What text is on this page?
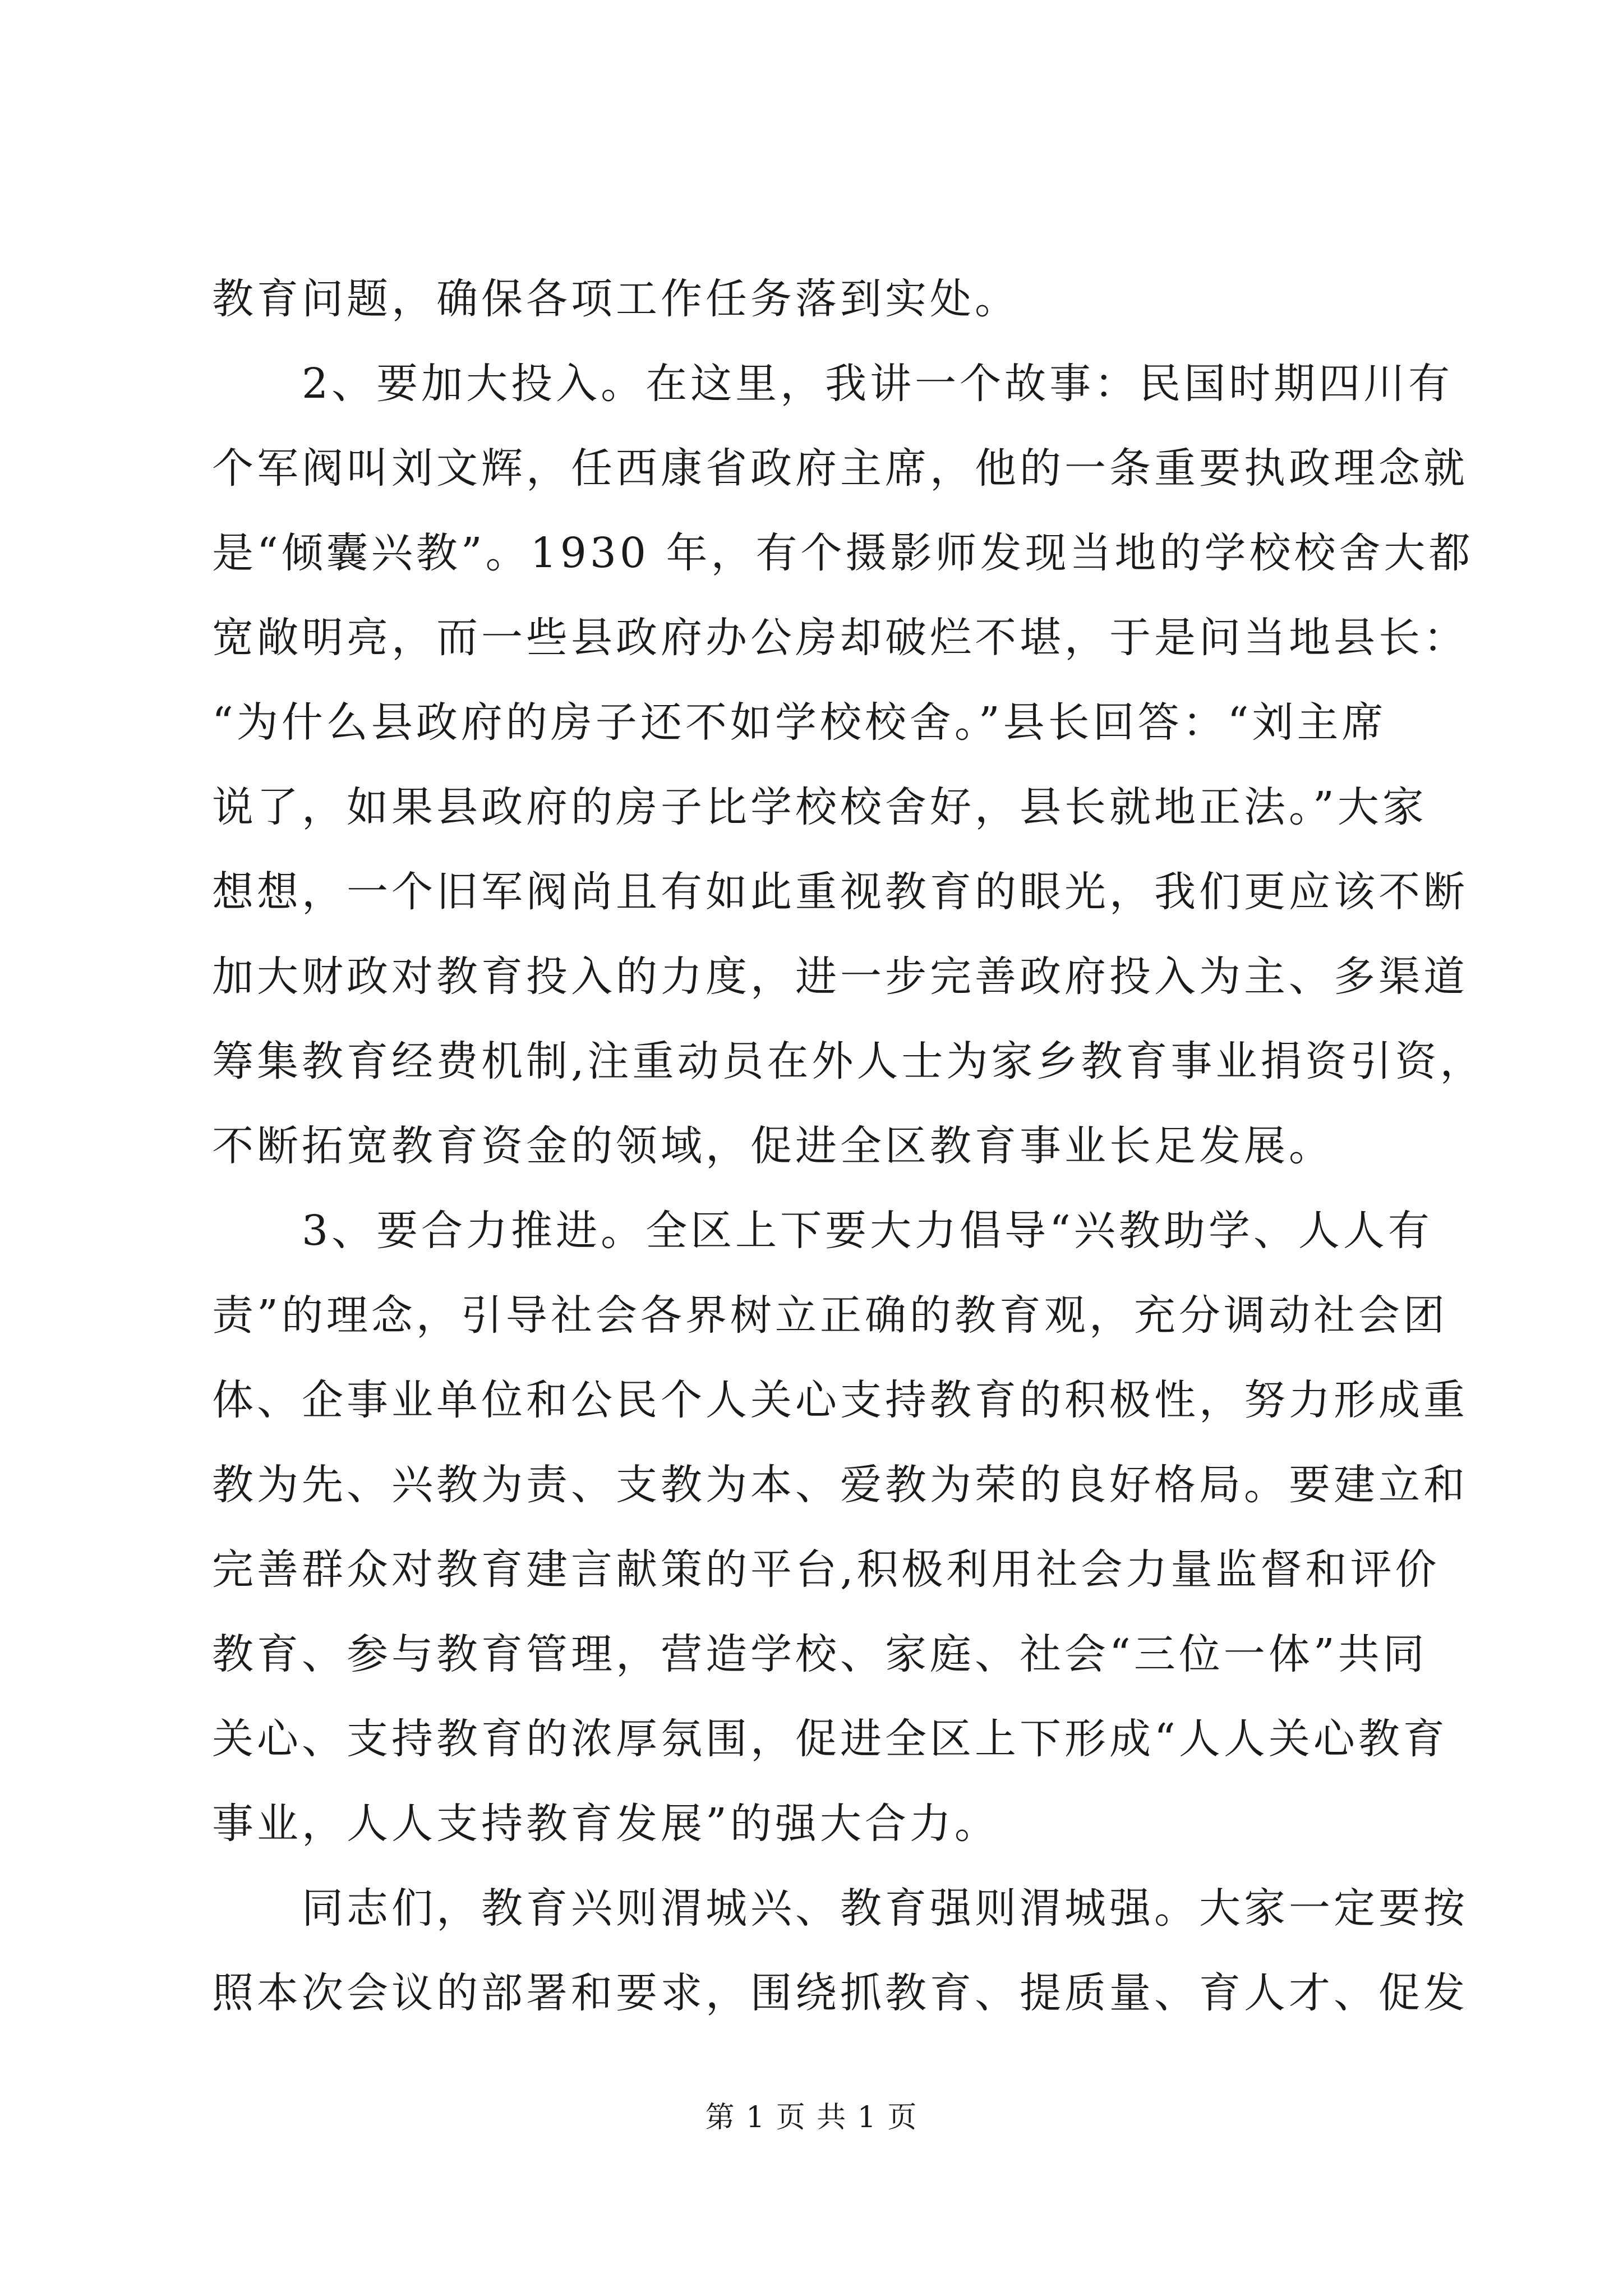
教育问题，确保各项工作任务落到实处。
　　2、要加大投入。在这里，我讲一个故事：民国时期四川有
个军阀叫刘文辉，任西康省政府主席，他的一条重要执政理念就
是“倾囊兴教”。1930 年，有个摄影师发现当地的学校校舍大都
宽敞明亮，而一些县政府办公房却破烂不堪，于是问当地县长：
“为什么县政府的房子还不如学校校舍。”县长回答：“刘主席
说了，如果县政府的房子比学校校舍好，县长就地正法。”大家
想想，一个旧军阀尚且有如此重视教育的眼光，我们更应该不断
加大财政对教育投入的力度，进一步完善政府投入为主、多渠道
筹集教育经费机制,注重动员在外人士为家乡教育事业捐资引资，
不断拓宽教育资金的领域，促进全区教育事业长足发展。
　　3、要合力推进。全区上下要大力倡导“兴教助学、人人有
责”的理念，引导社会各界树立正确的教育观，充分调动社会团
体、企事业单位和公民个人关心支持教育的积极性，努力形成重
教为先、兴教为责、支教为本、爱教为荣的良好格局。要建立和
完善群众对教育建言献策的平台,积极利用社会力量监督和评价
教育、参与教育管理，营造学校、家庭、社会“三位一体”共同
关心、支持教育的浓厚氛围，促进全区上下形成“人人关心教育
事业，人人支持教育发展”的强大合力。
　　同志们，教育兴则渭城兴、教育强则渭城强。大家一定要按
照本次会议的部署和要求，围绕抓教育、提质量、育人才、促发
第 1 页 共 1 页
